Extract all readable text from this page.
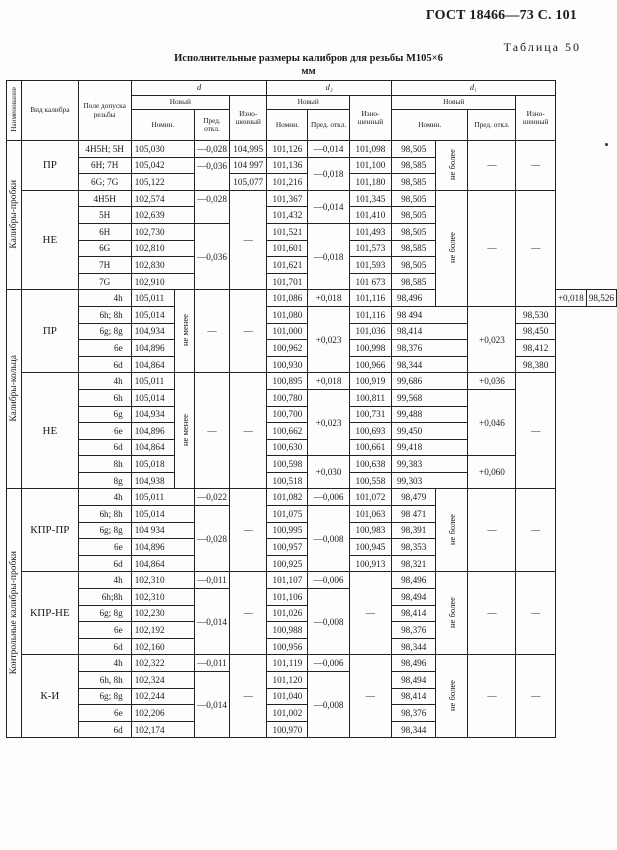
ГОСТ 18466—73 С. 101
Таблица 50
Исполнительные размеры калибров для резьбы М105×6
мм
Наименование	Вид калибра	Поле допуска резьбы	d				d₂			d₁					
			Новый			Изно- шенный	Новый		Изно- шенный	Новый			Изно- шенный		
			Номин.		Пред. откл.		Номин.	Пред. откл.		Номин.		Пред. откл.			
Калибры-пробки	ПР	4H5H; 5H	105,030		—0,028	104,995	101,126	—0,014	101,098	98,505	не более	—	—		
		6H; 7H	105,042		—0,036	104 997	101,136	—0,018	101,100	98,585					
		6G; 7G	105,122			105,077	101,216		101,180	98,585					
	НЕ	4H5H	102,574		—0,028	—	101,367	—0,014	101,345	98,505	не более	—	—		
		5H	102,639				101,432		101,410	98,505					
		6H	102,730		—0,036		101,521	—0,018	101,493	98,505					
		6G	102,810				101,601		101,573	98,585					
		7H	102,830				101,621		101,593	98,505					
		7G	102,910				101,701		101 673	98,585					
Калибры-кольца	ПР	4h	105,011	не менее	—	—	101,086	+0,018	101,116	98,496				+0,018	98,526
		6h; 8h	105,014				101,080	+0,023	101,116	98 494		+0,023	98,530		
		6g; 8g	104,934				101,000		101,036	98,414			98,450		
		6e	104,896				100,962		100,998	98,376			98,412		
		6d	104,864				100,930		100,966	98,344			98,380		
	НЕ	4h	105,011	не менее	—	—	100,895	+0,018	100,919	99,686		+0,036	—		
		6h	105,014				100,780	+0,023	100,811	99,568		+0,046			
		6g	104,934				100,700		100,731	99,488					
		6e	104,896				100,662		100,693	99,450					
		6d	104,864				100,630		100,661	99,418					
		8h	105,018				100,598	+0,030	100,638	99,383		+0,060			
		8g	104,938				100,518		100,558	99,303					
Контрольные калибры-пробки	КПР-ПР	4h	105,011		—0,022	—	101,082	—0,006	101,072	98,479	не более	—	—		
		6h; 8h	105,014		—0,028		101,075	—0,008	101,063	98 471					
		6g; 8g	104 934				100,995		100,983	98,391					
		6e	104,896				100,957		100,945	98,353					
		6d	104,864				100,925		100,913	98,321					
	КПР-НЕ	4h	102,310		—0,011	—	101,107	—0,006	—	98,496	не более	—	—		
		6h;8h	102,310		—0,014		101,106	—0,008		98,494					
		6g; 8g	102,230				101,026			98,414					
		6e	102,192				100,988			98,376					
		6d	102,160				100,956			98,344					
	К-И	4h	102,322		—0,011	—	101,119	—0,006	—	98,496	не более	—	—		
		6h, 8h	102,324		—0,014		101,120	—0,008		98,494					
		6g; 8g	102,244				101,040			98,414					
		6e	102,206				101,002			98,376					
		6d	102,174				100,970			98,344					
